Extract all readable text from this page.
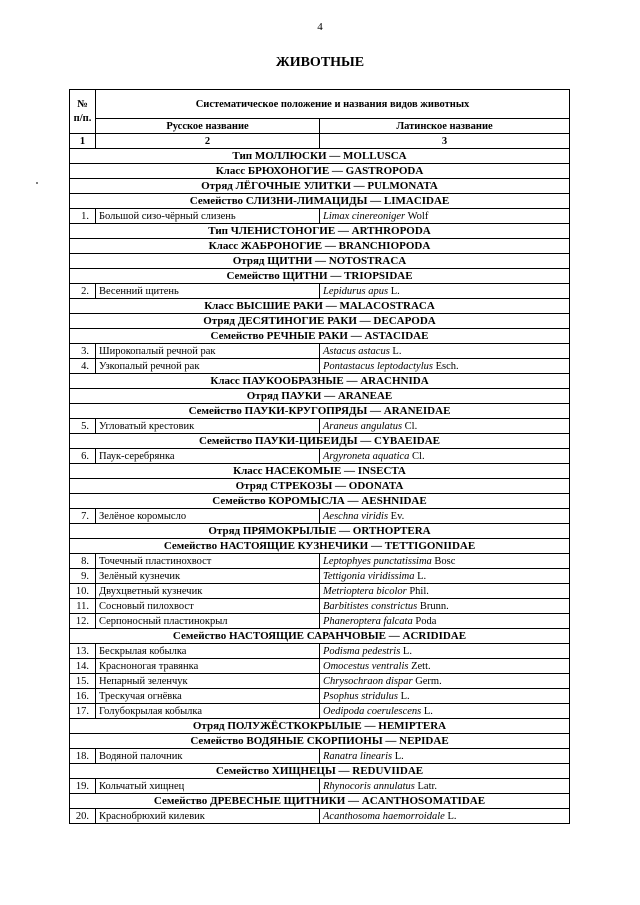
4
ЖИВОТНЫЕ
№
п/п.	Систематическое положение и названия видов животных	
	Русское название	Латинское название
1	2	3
Тип МОЛЛЮСКИ — MOLLUSCA		
Класс БРЮХОНОГИЕ — GASTROPODA		
Отряд ЛЁГОЧНЫЕ УЛИТКИ — PULMONATA		
Семейство СЛИЗНИ-ЛИМАЦИДЫ — LIMACIDAE		
1.	Большой сизо-чёрный слизень	Limax cinereoniger Wolf
Тип ЧЛЕНИСТОНОГИЕ — ARTHROPODA		
Класс ЖАБРОНОГИЕ — BRANCHIOPODA		
Отряд ЩИТНИ — NOTOSTRACA		
Семейство ЩИТНИ — TRIOPSIDAE		
2.	Весенний щитень	Lepidurus apus L.
Класс ВЫСШИЕ РАКИ — MALACOSTRACA		
Отряд ДЕСЯТИНОГИЕ РАКИ — DECAPODA		
Семейство РЕЧНЫЕ РАКИ — ASTACIDAE		
3.	Широкопалый речной рак	Astacus astacus L.
4.	Узкопалый речной рак	Pontastacus leptodactylus Esch.
Класс ПАУКООБРАЗНЫЕ — ARACHNIDA		
Отряд ПАУКИ — ARANEAE		
Семейство ПАУКИ-КРУГОПРЯДЫ — ARANEIDAE		
5.	Угловатый крестовик	Araneus angulatus Cl.
Семейство ПАУКИ-ЦИБЕИДЫ — CYBAEIDAE		
6.	Паук-серебрянка	Argyroneta aquatica Cl.
Класс НАСЕКОМЫЕ — INSECTA		
Отряд СТРЕКОЗЫ — ODONATA		
Семейство КОРОМЫСЛА — AESHNIDAE		
7.	Зелёное коромысло	Aeschna viridis Ev.
Отряд ПРЯМОКРЫЛЫЕ — ORTHOPTERA		
Семейство НАСТОЯЩИЕ КУЗНЕЧИКИ — TETTIGONIIDAE		
8.	Точечный пластинохвост	Leptophyes punctatissima Bosc
9.	Зелёный кузнечик	Tettigonia viridissima L.
10.	Двухцветный кузнечик	Metrioptera bicolor Phil.
11.	Сосновый пилохвост	Barbitistes constrictus Brunn.
12.	Серпоносный пластинокрыл	Phaneroptera falcata Poda
Семейство НАСТОЯЩИЕ САРАНЧОВЫЕ — ACRIDIDAE		
13.	Бескрылая кобылка	Podisma pedestris L.
14.	Красноногая травянка	Omocestus ventralis Zett.
15.	Непарный зеленчук	Chrysochraon dispar Germ.
16.	Трескучая огнёвка	Psophus stridulus L.
17.	Голубокрылая кобылка	Oedipoda coerulescens L.
Отряд ПОЛУЖЁСТКОКРЫЛЫЕ — HEMIPTERA		
Семейство ВОДЯНЫЕ СКОРПИОНЫ — NEPIDAE		
18.	Водяной палочник	Ranatra linearis L.
Семейство ХИЩНЕЦЫ — REDUVIIDAE		
19.	Кольчатый хищнец	Rhynocoris annulatus Latr.
Семейство ДРЕВЕСНЫЕ ЩИТНИКИ — ACANTHOSOMATIDAE		
20.	Краснобрюхий килевик	Acanthosoma haemorroidale L.
